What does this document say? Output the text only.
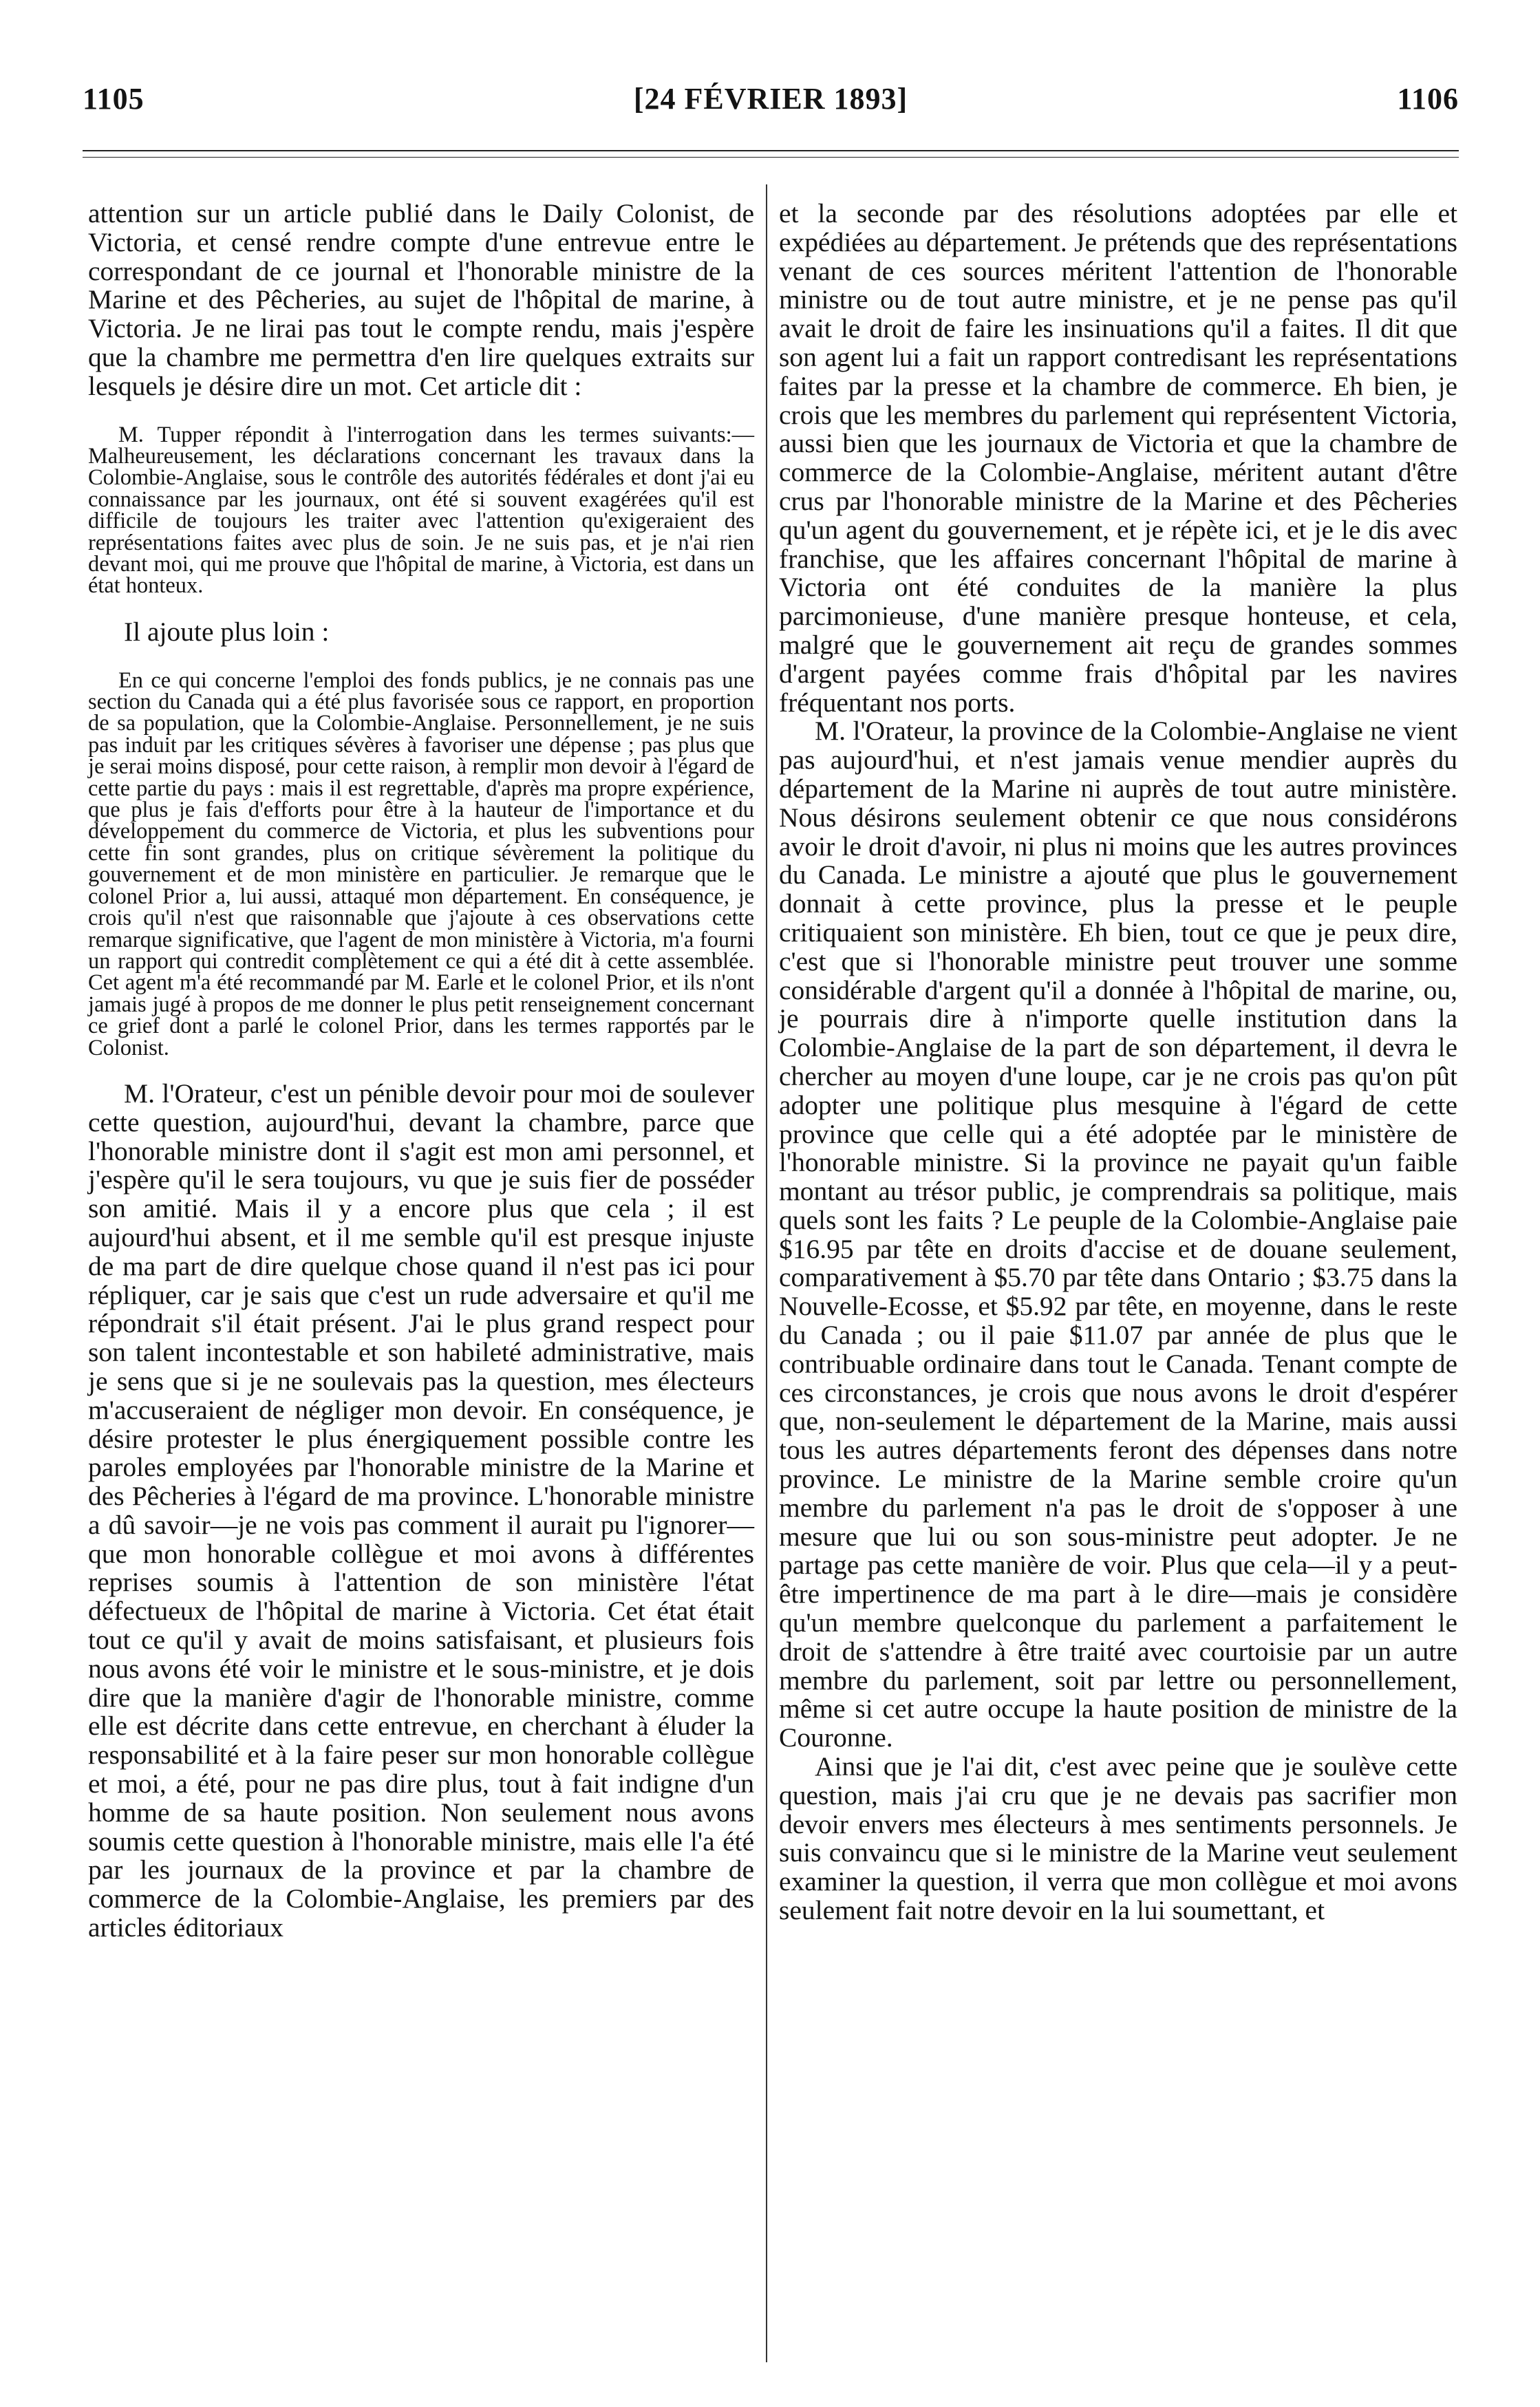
[24 FÉVRIER 1893]
1105	1106

attention sur un article publié dans le Daily Colonist, de Victoria, et censé rendre compte d'une entrevue entre le correspondant de ce journal et l'honorable ministre de la Marine et des Pêcheries, au sujet de l'hôpital de marine, à Victoria. Je ne lirai pas tout le compte rendu, mais j'espère que la chambre me permettra d'en lire quelques extraits sur lesquels je désire dire un mot. Cet article dit :

M. Tupper répondit à l'interrogation dans les termes suivants:—Malheureusement, les déclarations concernant les travaux dans la Colombie-Anglaise, sous le contrôle des autorités fédérales et dont j'ai eu connaissance par les journaux, ont été si souvent exagérées qu'il est difficile de toujours les traiter avec l'attention qu'exigeraient des représentations faites avec plus de soin. Je ne suis pas, et je n'ai rien devant moi, qui me prouve que l'hôpital de marine, à Victoria, est dans un état honteux.

Il ajoute plus loin :

En ce qui concerne l'emploi des fonds publics, je ne connais pas une section du Canada qui a été plus favorisée sous ce rapport, en proportion de sa population, que la Colombie-Anglaise. Personnellement, je ne suis pas induit par les critiques sévères à favoriser une dépense ; pas plus que je serai moins disposé, pour cette raison, à remplir mon devoir à l'égard de cette partie du pays : mais il est regrettable, d'après ma propre expérience, que plus je fais d'efforts pour être à la hauteur de l'importance et du développement du commerce de Victoria, et plus les subventions pour cette fin sont grandes, plus on critique sévèrement la politique du gouvernement et de mon ministère en particulier. Je remarque que le colonel Prior a, lui aussi, attaqué mon département. En conséquence, je crois qu'il n'est que raisonnable que j'ajoute à ces observations cette remarque significative, que l'agent de mon ministère à Victoria, m'a fourni un rapport qui contredit complètement ce qui a été dit à cette assemblée. Cet agent m'a été recommandé par M. Earle et le colonel Prior, et ils n'ont jamais jugé à propos de me donner le plus petit renseignement concernant ce grief dont a parlé le colonel Prior, dans les termes rapportés par le Colonist.

M. l'Orateur, c'est un pénible devoir pour moi de soulever cette question, aujourd'hui, devant la chambre, parce que l'honorable ministre dont il s'agit est mon ami personnel, et j'espère qu'il le sera toujours, vu que je suis fier de posséder son amitié. Mais il y a encore plus que cela ; il est aujourd'hui absent, et il me semble qu'il est presque injuste de ma part de dire quelque chose quand il n'est pas ici pour répliquer, car je sais que c'est un rude adversaire et qu'il me répondrait s'il était présent. J'ai le plus grand respect pour son talent incontestable et son habileté administrative, mais je sens que si je ne soulevais pas la question, mes électeurs m'accuseraient de négliger mon devoir. En conséquence, je désire protester le plus énergiquement possible contre les paroles employées par l'honorable ministre de la Marine et des Pêcheries à l'égard de ma province. L'honorable ministre a dû savoir—je ne vois pas comment il aurait pu l'ignorer—que mon honorable collègue et moi avons à différentes reprises soumis à l'attention de son ministère l'état défectueux de l'hôpital de marine à Victoria. Cet état était tout ce qu'il y avait de moins satisfaisant, et plusieurs fois nous avons été voir le ministre et le sous-ministre, et je dois dire que la manière d'agir de l'honorable ministre, comme elle est décrite dans cette entrevue, en cherchant à éluder la responsabilité et à la faire peser sur mon honorable collègue et moi, a été, pour ne pas dire plus, tout à fait indigne d'un homme de sa haute position. Non seulement nous avons soumis cette question à l'honorable ministre, mais elle l'a été par les journaux de la province et par la chambre de commerce de la Colombie-Anglaise, les premiers par des articles éditoriaux

et la seconde par des résolutions adoptées par elle et expédiées au département. Je prétends que des représentations venant de ces sources méritent l'attention de l'honorable ministre ou de tout autre ministre, et je ne pense pas qu'il avait le droit de faire les insinuations qu'il a faites. Il dit que son agent lui a fait un rapport contredisant les représentations faites par la presse et la chambre de commerce. Eh bien, je crois que les membres du parlement qui représentent Victoria, aussi bien que les journaux de Victoria et que la chambre de commerce de la Colombie-Anglaise, méritent autant d'être crus par l'honorable ministre de la Marine et des Pêcheries qu'un agent du gouvernement, et je répète ici, et je le dis avec franchise, que les affaires concernant l'hôpital de marine à Victoria ont été conduites de la manière la plus parcimonieuse, d'une manière presque honteuse, et cela, malgré que le gouvernement ait reçu de grandes sommes d'argent payées comme frais d'hôpital par les navires fréquentant nos ports.

M. l'Orateur, la province de la Colombie-Anglaise ne vient pas aujourd'hui, et n'est jamais venue mendier auprès du département de la Marine ni auprès de tout autre ministère. Nous désirons seulement obtenir ce que nous considérons avoir le droit d'avoir, ni plus ni moins que les autres provinces du Canada. Le ministre a ajouté que plus le gouvernement donnait à cette province, plus la presse et le peuple critiquaient son ministère. Eh bien, tout ce que je peux dire, c'est que si l'honorable ministre peut trouver une somme considérable d'argent qu'il a donnée à l'hôpital de marine, ou, je pourrais dire à n'importe quelle institution dans la Colombie-Anglaise de la part de son département, il devra le chercher au moyen d'une loupe, car je ne crois pas qu'on pût adopter une politique plus mesquine à l'égard de cette province que celle qui a été adoptée par le ministère de l'honorable ministre. Si la province ne payait qu'un faible montant au trésor public, je comprendrais sa politique, mais quels sont les faits ? Le peuple de la Colombie-Anglaise paie $16.95 par tête en droits d'accise et de douane seulement, comparativement à $5.70 par tête dans Ontario ; $3.75 dans la Nouvelle-Ecosse, et $5.92 par tête, en moyenne, dans le reste du Canada ; ou il paie $11.07 par année de plus que le contribuable ordinaire dans tout le Canada. Tenant compte de ces circonstances, je crois que nous avons le droit d'espérer que, non-seulement le département de la Marine, mais aussi tous les autres départements feront des dépenses dans notre province. Le ministre de la Marine semble croire qu'un membre du parlement n'a pas le droit de s'opposer à une mesure que lui ou son sous-ministre peut adopter. Je ne partage pas cette manière de voir. Plus que cela—il y a peut-être impertinence de ma part à le dire—mais je considère qu'un membre quelconque du parlement a parfaitement le droit de s'attendre à être traité avec courtoisie par un autre membre du parlement, soit par lettre ou personnellement, même si cet autre occupe la haute position de ministre de la Couronne.

Ainsi que je l'ai dit, c'est avec peine que je soulève cette question, mais j'ai cru que je ne devais pas sacrifier mon devoir envers mes électeurs à mes sentiments personnels. Je suis convaincu que si le ministre de la Marine veut seulement examiner la question, il verra que mon collègue et moi avons seulement fait notre devoir en la lui soumettant, et
